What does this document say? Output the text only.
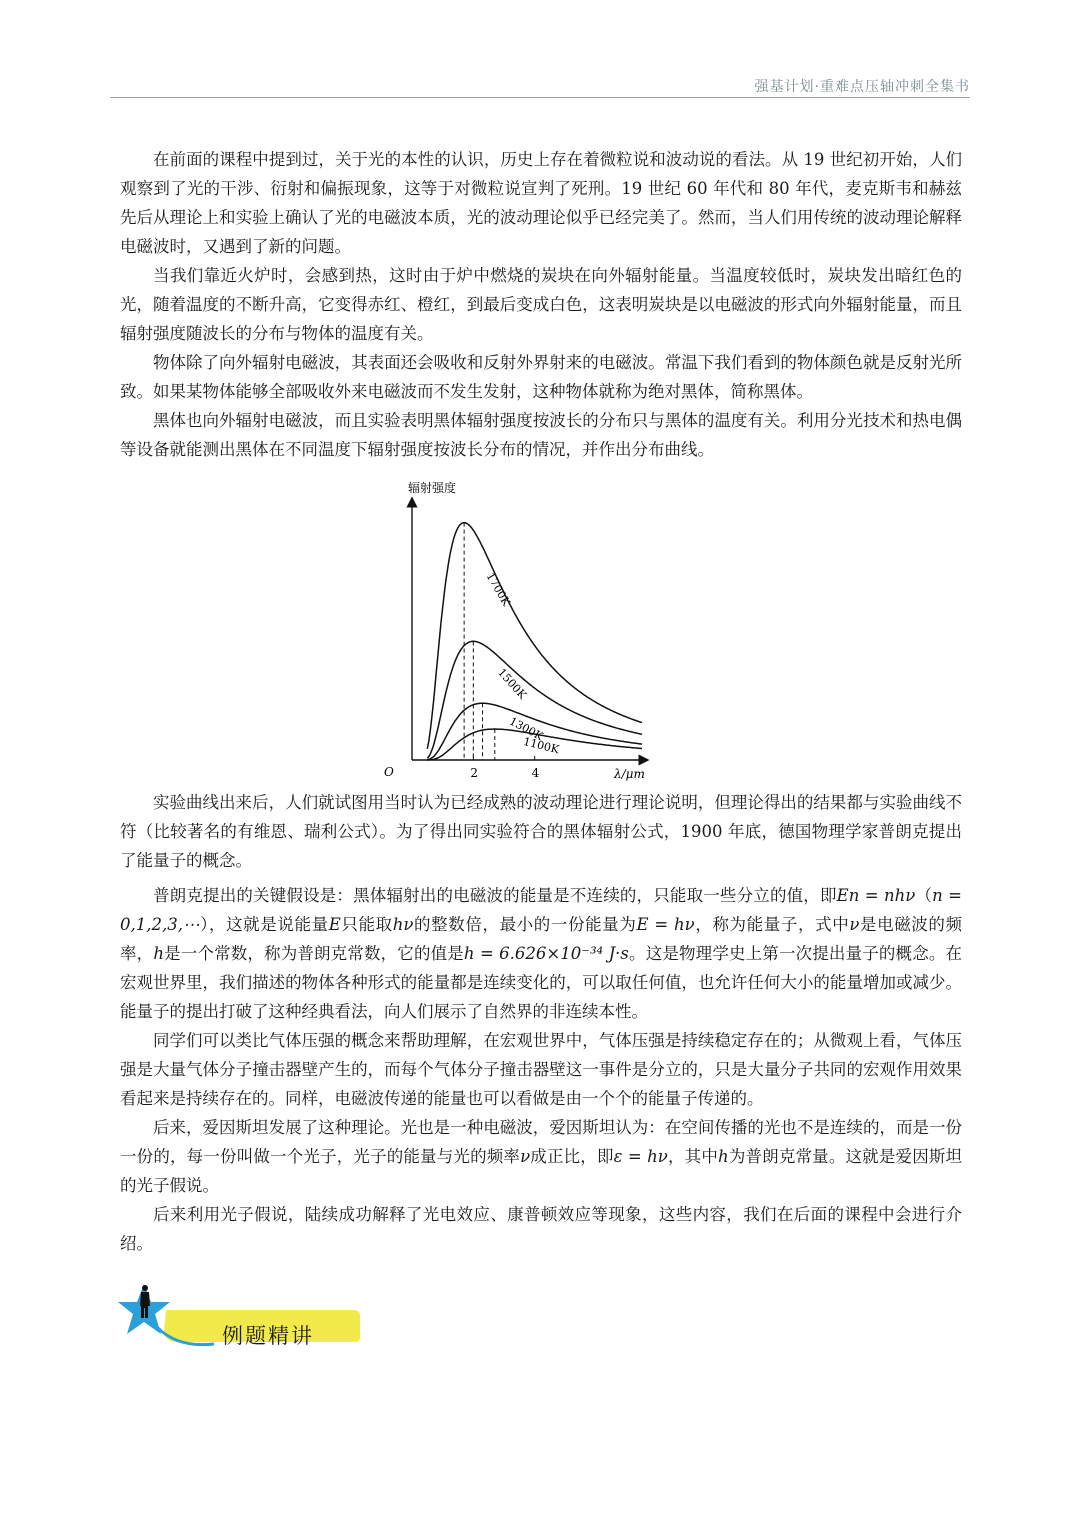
强基计划·重难点压轴冲刺全集书

在前面的课程中提到过，关于光的本性的认识，历史上存在着微粒说和波动说的看法。从 19 世纪初开始，人们观察到了光的干涉、衍射和偏振现象，这等于对微粒说宣判了死刑。19 世纪 60 年代和 80 年代，麦克斯韦和赫兹先后从理论上和实验上确认了光的电磁波本质，光的波动理论似乎已经完美了。然而，当人们用传统的波动理论解释电磁波时，又遇到了新的问题。

当我们靠近火炉时，会感到热，这时由于炉中燃烧的炭块在向外辐射能量。当温度较低时，炭块发出暗红色的光，随着温度的不断升高，它变得赤红、橙红，到最后变成白色，这表明炭块是以电磁波的形式向外辐射能量，而且辐射强度随波长的分布与物体的温度有关。

物体除了向外辐射电磁波，其表面还会吸收和反射外界射来的电磁波。常温下我们看到的物体颜色就是反射光所致。如果某物体能够全部吸收外来电磁波而不发生发射，这种物体就称为绝对黑体，简称黑体。

黑体也向外辐射电磁波，而且实验表明黑体辐射强度按波长的分布只与黑体的温度有关。利用分光技术和热电偶等设备就能测出黑体在不同温度下辐射强度按波长分布的情况，并作出分布曲线。

辐射强度
O	λ/μm
2	4
1700K
1500K
1300K
1100K

实验曲线出来后，人们就试图用当时认为已经成熟的波动理论进行理论说明，但理论得出的结果都与实验曲线不符（比较著名的有维恩、瑞利公式）。为了得出同实验符合的黑体辐射公式，1900 年底，德国物理学家普朗克提出了能量子的概念。

普朗克提出的关键假设是：黑体辐射出的电磁波的能量是不连续的，只能取一些分立的值，即En = nhν（n = 0,1,2,3,⋯），这就是说能量E只能取hν的整数倍，最小的一份能量为E = hν，称为能量子，式中ν是电磁波的频率，h是一个常数，称为普朗克常数，它的值是h = 6.626×10⁻³⁴ J·s。这是物理学史上第一次提出量子的概念。在宏观世界里，我们描述的物体各种形式的能量都是连续变化的，可以取任何值，也允许任何大小的能量增加或减少。能量子的提出打破了这种经典看法，向人们展示了自然界的非连续本性。

同学们可以类比气体压强的概念来帮助理解，在宏观世界中，气体压强是持续稳定存在的；从微观上看，气体压强是大量气体分子撞击器壁产生的，而每个气体分子撞击器壁这一事件是分立的，只是大量分子共同的宏观作用效果看起来是持续存在的。同样，电磁波传递的能量也可以看做是由一个个的能量子传递的。

后来，爱因斯坦发展了这种理论。光也是一种电磁波，爱因斯坦认为：在空间传播的光也不是连续的，而是一份一份的，每一份叫做一个光子，光子的能量与光的频率ν成正比，即ε = hν，其中h为普朗克常量。这就是爱因斯坦的光子假说。

后来利用光子假说，陆续成功解释了光电效应、康普顿效应等现象，这些内容，我们在后面的课程中会进行介绍。

例题精讲
